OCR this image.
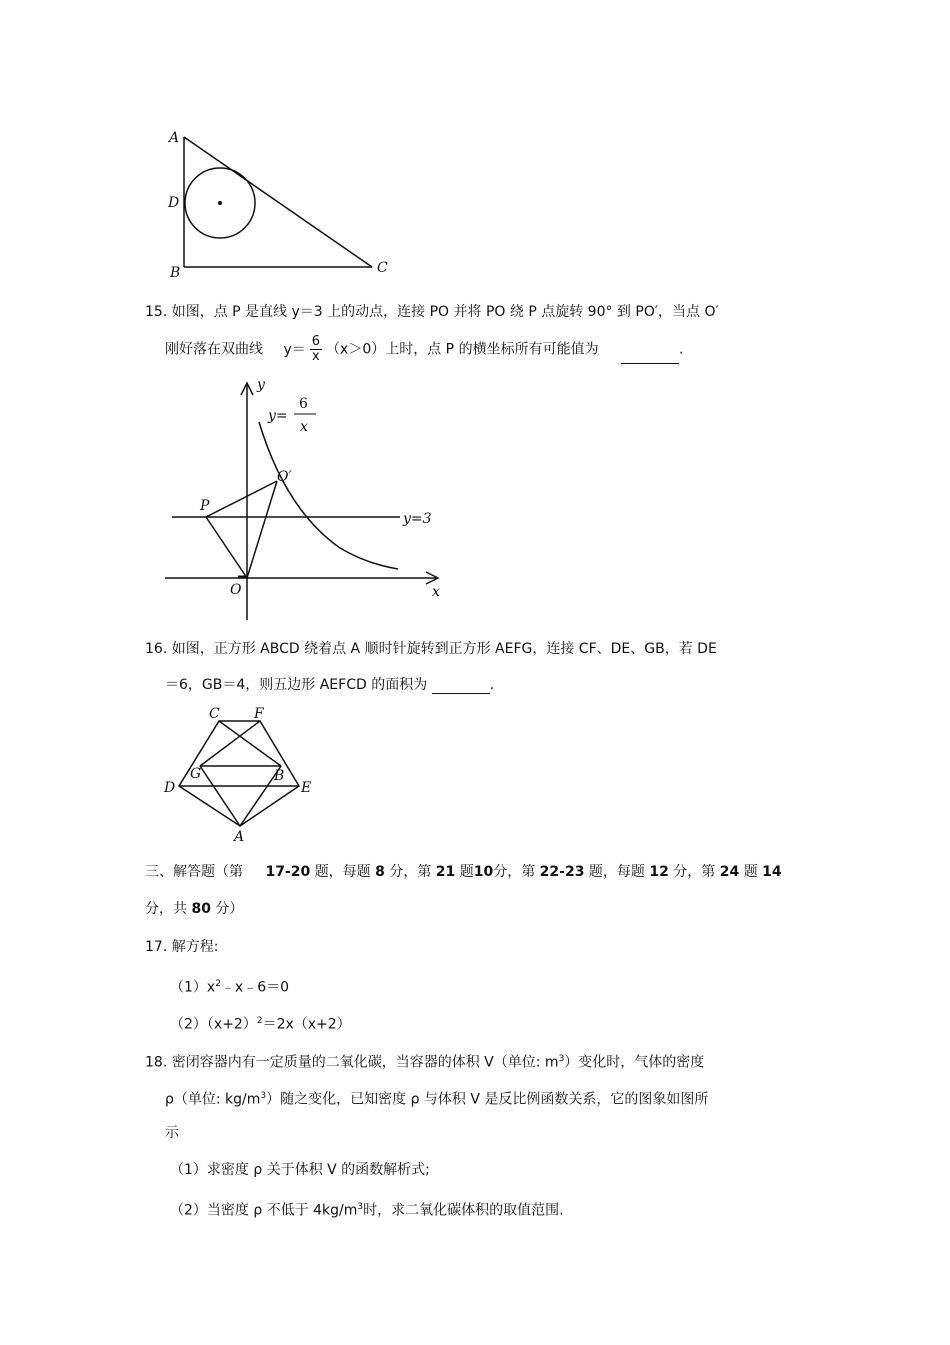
A
D
B	C
15. 如图，点 P 是直线 y＝3 上的动点，连接 PO 并将 PO 绕 P 点旋转 90° 到 PO′，当点 O′
刚好落在双曲线 $y= \frac{6}{x} (x>0)$上时，点 P 的横坐标所有可能值为	.
y
x
O
P
O′
y=
6
x
y=3
16. 如图，正方形 ABCD 绕着点 A 顺时针旋转到正方形 AEFG，连接 CF、DE、GB，若 DE
＝6，GB＝4，则五边形 AEFCD 的面积为	.
C F
G	B
D	E
A
三、解答题（第 17-20 题，每题 8 分，第 21 题10分，第 22-23 题，每题 12 分，第 24 题 14
分，共 80 分）
17. 解方程:
$(1)x^2﹣x﹣6=0$
$(2)(x+2)^2=2x(x+2)$
18. 密闭容器内有一定质量的二氧化碳，当容器的体积 V（单位: $m^3$）变化时，气体的密度
ρ（单位: $kg/m^3$）随之变化，已知密度 ρ 与体积 V 是反比例函数关系，它的图象如图所
示
（1）求密度 ρ 关于体积 V 的函数解析式;
（2）当密度 ρ 不低于 $4kg/m^3$时，求二氧化碳体积的取值范围.
